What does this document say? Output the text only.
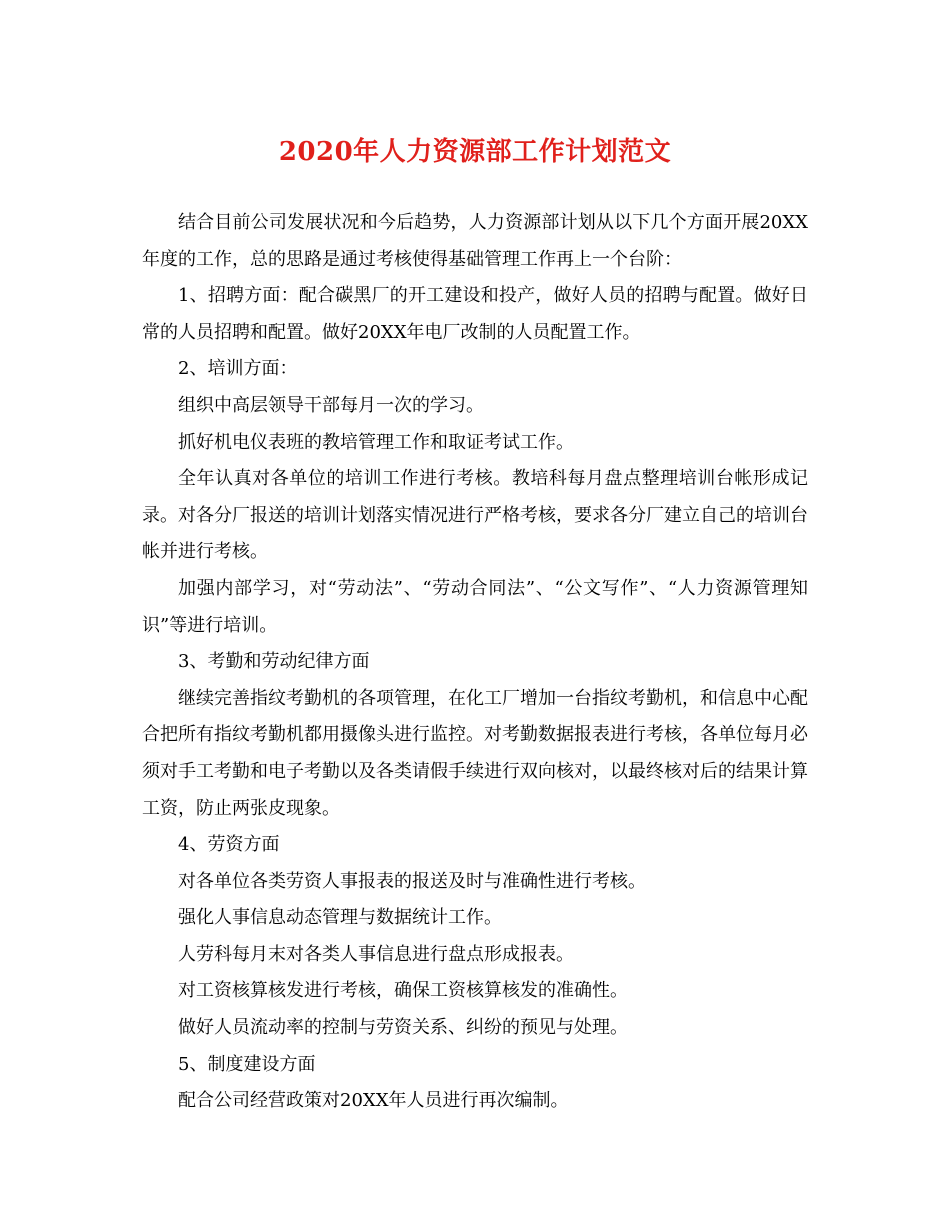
2020年人力资源部工作计划范文

结合目前公司发展状况和今后趋势，人力资源部计划从以下几个方面开展20XX年度的工作，总的思路是通过考核使得基础管理工作再上一个台阶：

1、招聘方面：配合碳黑厂的开工建设和投产，做好人员的招聘与配置。做好日常的人员招聘和配置。做好20XX年电厂改制的人员配置工作。

2、培训方面：

组织中高层领导干部每月一次的学习。

抓好机电仪表班的教培管理工作和取证考试工作。

全年认真对各单位的培训工作进行考核。教培科每月盘点整理培训台帐形成记录。对各分厂报送的培训计划落实情况进行严格考核，要求各分厂建立自己的培训台帐并进行考核。

加强内部学习，对“劳动法”、“劳动合同法”、“公文写作”、“人力资源管理知识”等进行培训。

3、考勤和劳动纪律方面

继续完善指纹考勤机的各项管理，在化工厂增加一台指纹考勤机，和信息中心配合把所有指纹考勤机都用摄像头进行监控。对考勤数据报表进行考核，各单位每月必须对手工考勤和电子考勤以及各类请假手续进行双向核对，以最终核对后的结果计算工资，防止两张皮现象。

4、劳资方面

对各单位各类劳资人事报表的报送及时与准确性进行考核。

强化人事信息动态管理与数据统计工作。

人劳科每月末对各类人事信息进行盘点形成报表。

对工资核算核发进行考核，确保工资核算核发的准确性。

做好人员流动率的控制与劳资关系、纠纷的预见与处理。

5、制度建设方面

配合公司经营政策对20XX年人员进行再次编制。
